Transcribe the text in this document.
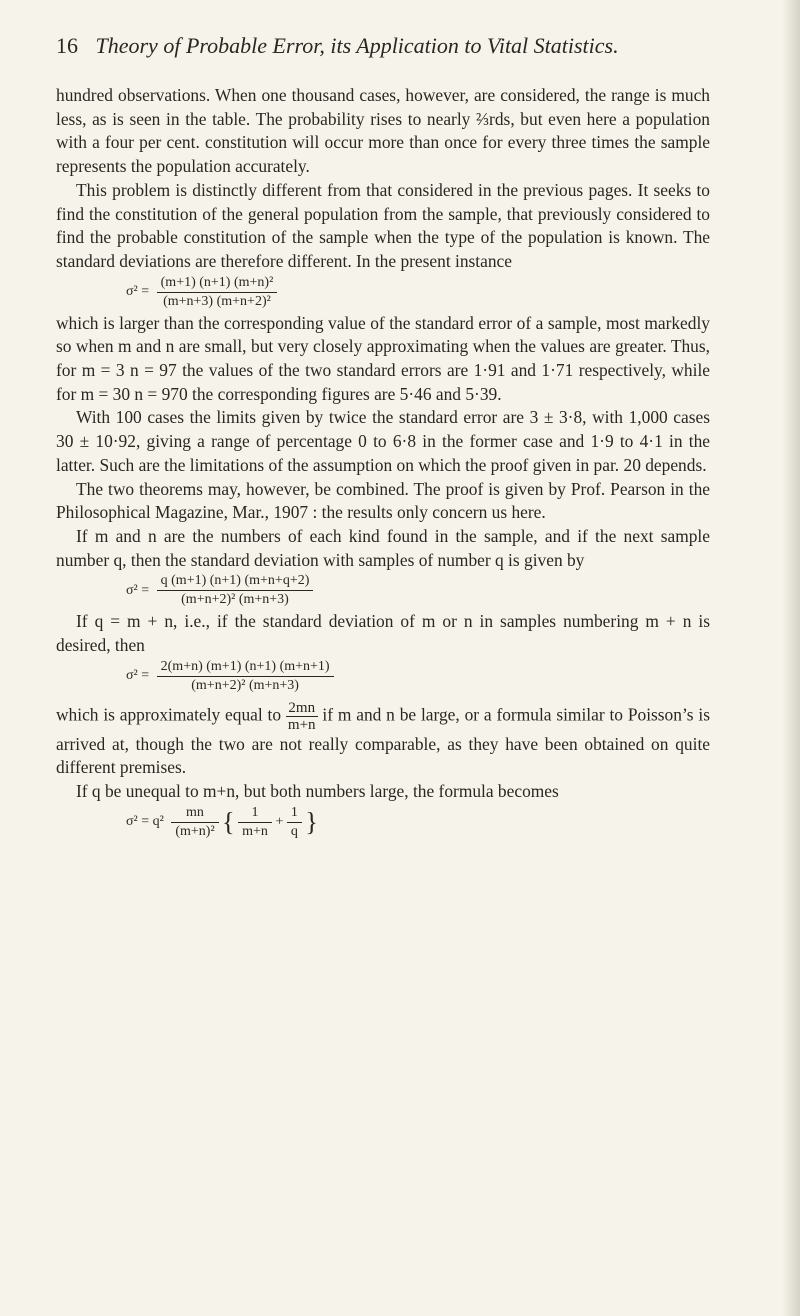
16 Theory of Probable Error, its Application to Vital Statistics.

hundred observations. When one thousand cases, however, are considered, the range is much less, as is seen in the table. The probability rises to nearly ⅔rds, but even here a population with a four per cent. constitution will occur more than once for every three times the sample represents the population accurately.

This problem is distinctly different from that considered in the previous pages. It seeks to find the constitution of the general population from the sample, that previously considered to find the probable constitution of the sample when the type of the population is known. The standard deviations are therefore different. In the present instance

$\sigma^2 = \frac{\text{(m+1) (n+1) (m+n)²}}{\text{(m+n+3) (m+n+2)²}}$

which is larger than the corresponding value of the standard error of a sample, most markedly so when m and n are small, but very closely approximating when the values are greater. Thus, for m = 3 n = 97 the values of the two standard errors are 1·91 and 1·71 respectively, while for m = 30 n = 970 the corresponding figures are 5·46 and 5·39.

With 100 cases the limits given by twice the standard error are 3 ± 3·8, with 1,000 cases 30 ± 10·92, giving a range of percentage 0 to 6·8 in the former case and 1·9 to 4·1 in the latter. Such are the limitations of the assumption on which the proof given in par. 20 depends.

The two theorems may, however, be combined. The proof is given by Prof. Pearson in the Philosophical Magazine, Mar., 1907 : the results only concern us here.

If m and n are the numbers of each kind found in the sample, and if the next sample number q, then the standard deviation with samples of number q is given by

$\sigma^2 = \frac{q (m+1) (n+1) (m+n+q+2)}{\text{(m+n+2)² (m+n+3)}}$

If q = m + n, i.e., if the standard deviation of m or n in samples numbering m + n is desired, then

$\sigma^2 = \frac{2(m+n) (m+1) (n+1) (m+n+1)}{\text{(m+n+2)² (m+n+3)}}$

which is approximately equal to $\frac{2mn}{m+n}$ if m and n be large, or a formula similar to Poisson’s is arrived at, though the two are not really comparable, as they have been obtained on quite different premises.

If q be unequal to m+n, but both numbers large, the formula becomes

$\sigma^2 = q^2 \frac{mn}{\text{(m+n)²}}$ { $\frac{1}{m+n} + \frac{1}{q}$ }
